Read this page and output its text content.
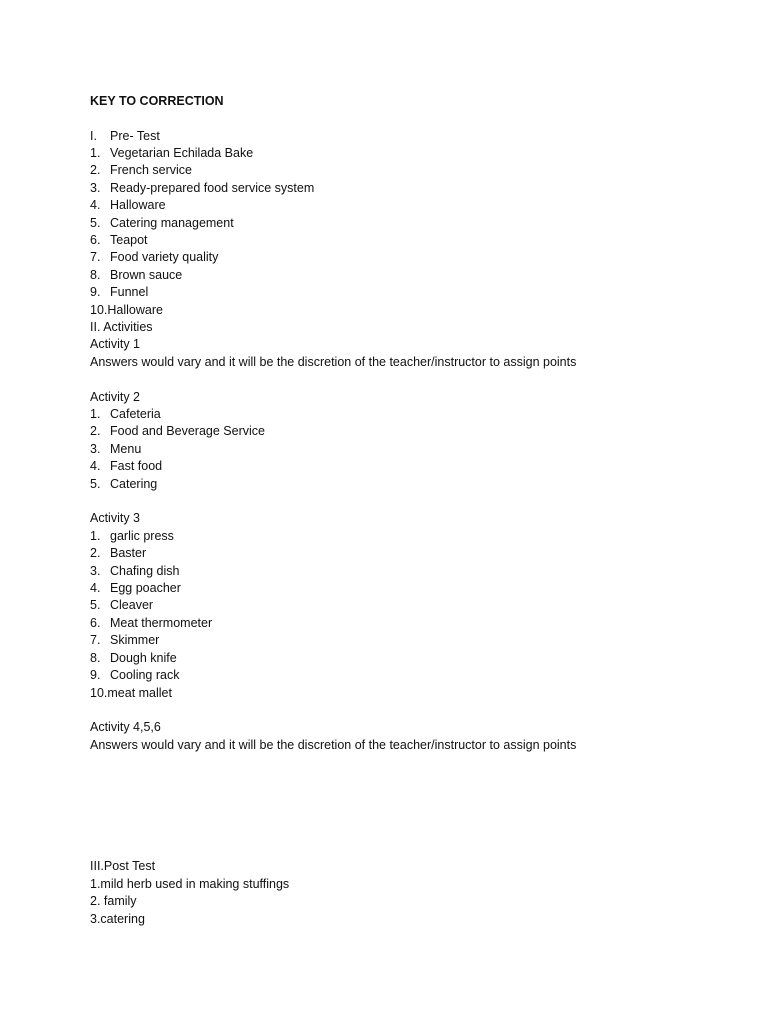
KEY TO CORRECTION
I. Pre- Test
1. Vegetarian Echilada Bake
2. French service
3. Ready-prepared food service system
4. Halloware
5. Catering management
6. Teapot
7. Food variety quality
8. Brown sauce
9. Funnel
10.Halloware
II. Activities
Activity 1
Answers would vary and it will be the discretion of the teacher/instructor to assign points
Activity 2
1. Cafeteria
2. Food and Beverage Service
3. Menu
4. Fast food
5. Catering
Activity 3
1. garlic press
2. Baster
3. Chafing dish
4. Egg poacher
5. Cleaver
6. Meat thermometer
7. Skimmer
8. Dough knife
9. Cooling rack
10.meat mallet
Activity 4,5,6
Answers would vary and it will be the discretion of the teacher/instructor to assign points
III.Post Test
1.mild herb used in making stuffings
2. family
3.catering
